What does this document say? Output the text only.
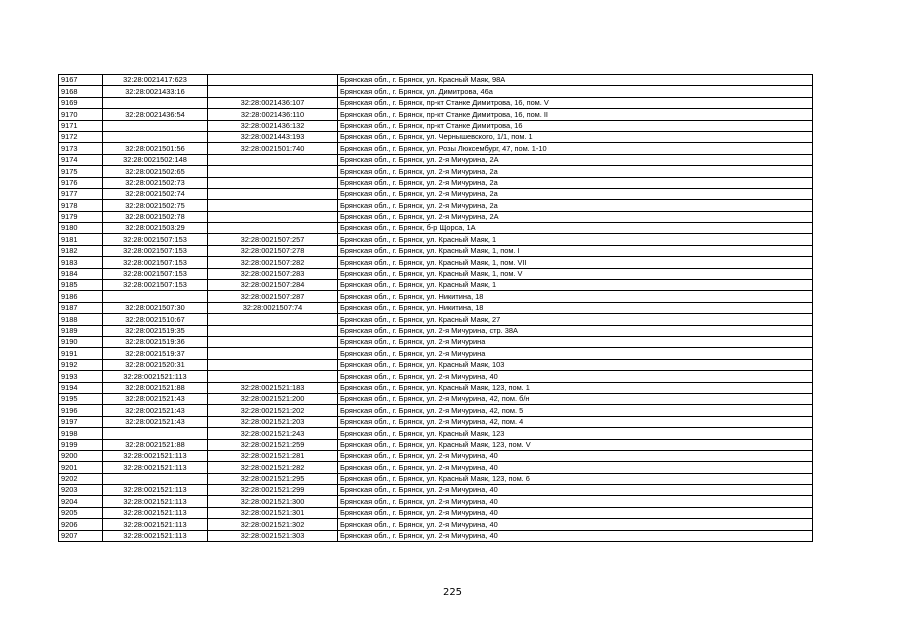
9167	32:28:0021417:623		Брянская обл., г. Брянск, ул. Красный Маяк, 98А
9168	32:28:0021433:16		Брянская обл., г. Брянск, ул. Димитрова, 46а
9169		32:28:0021436:107	Брянская обл., г. Брянск, пр-кт Станке Димитрова, 16, пом. V
9170	32:28:0021436:54	32:28:0021436:110	Брянская обл., г. Брянск, пр-кт Станке Димитрова, 16, пом. II
9171		32:28:0021436:132	Брянская обл., г. Брянск, пр-кт Станке Димитрова, 16
9172		32:28:0021443:193	Брянская обл., г. Брянск, ул. Чернышевского, 1/1, пом. 1
9173	32:28:0021501:56	32:28:0021501:740	Брянская обл., г. Брянск, ул. Розы Люксембург, 47, пом. 1-10
9174	32:28:0021502:148		Брянская обл., г. Брянск, ул. 2-я Мичурина, 2А
9175	32:28:0021502:65		Брянская обл., г. Брянск, ул. 2-я Мичурина, 2а
9176	32:28:0021502:73		Брянская обл., г. Брянск, ул. 2-я Мичурина, 2а
9177	32:28:0021502:74		Брянская обл., г. Брянск, ул. 2-я Мичурина, 2а
9178	32:28:0021502:75		Брянская обл., г. Брянск, ул. 2-я Мичурина, 2а
9179	32:28:0021502:78		Брянская обл., г. Брянск, ул. 2-я Мичурина, 2А
9180	32:28:0021503:29		Брянская обл., г. Брянск, б-р Щорса, 1А
9181	32:28:0021507:153	32:28:0021507:257	Брянская обл., г. Брянск, ул. Красный Маяк, 1
9182	32:28:0021507:153	32:28:0021507:278	Брянская обл., г. Брянск, ул. Красный Маяк, 1, пом. I
9183	32:28:0021507:153	32:28:0021507:282	Брянская обл., г. Брянск, ул. Красный Маяк, 1, пом. VII
9184	32:28:0021507:153	32:28:0021507:283	Брянская обл., г. Брянск, ул. Красный Маяк, 1, пом. V
9185	32:28:0021507:153	32:28:0021507:284	Брянская обл., г. Брянск, ул. Красный Маяк, 1
9186		32:28:0021507:287	Брянская обл., г. Брянск, ул. Никитина, 18
9187	32:28:0021507:30	32:28:0021507:74	Брянская обл., г. Брянск, ул. Никитина, 18
9188	32:28:0021510:67		Брянская обл., г. Брянск, ул. Красный Маяк, 27
9189	32:28:0021519:35		Брянская обл., г. Брянск, ул. 2-я Мичурина, стр. 38А
9190	32:28:0021519:36		Брянская обл., г. Брянск, ул. 2-я Мичурина
9191	32:28:0021519:37		Брянская обл., г. Брянск, ул. 2-я Мичурина
9192	32:28:0021520:31		Брянская обл., г. Брянск, ул. Красный Маяк, 103
9193	32:28:0021521:113		Брянская обл., г. Брянск, ул. 2-я Мичурина, 40
9194	32:28:0021521:88	32:28:0021521:183	Брянская обл., г. Брянск, ул. Красный Маяк, 123, пом. 1
9195	32:28:0021521:43	32:28:0021521:200	Брянская обл., г. Брянск, ул. 2-я Мичурина, 42, пом. б/н
9196	32:28:0021521:43	32:28:0021521:202	Брянская обл., г. Брянск, ул. 2-я Мичурина, 42, пом. 5
9197	32:28:0021521:43	32:28:0021521:203	Брянская обл., г. Брянск, ул. 2-я Мичурина, 42, пом. 4
9198		32:28:0021521:243	Брянская обл., г. Брянск, ул. Красный Маяк, 123
9199	32:28:0021521:88	32:28:0021521:259	Брянская обл., г. Брянск, ул. Красный Маяк, 123, пом. V
9200	32:28:0021521:113	32:28:0021521:281	Брянская обл., г. Брянск, ул. 2-я Мичурина, 40
9201	32:28:0021521:113	32:28:0021521:282	Брянская обл., г. Брянск, ул. 2-я Мичурина, 40
9202		32:28:0021521:295	Брянская обл., г. Брянск, ул. Красный Маяк, 123, пом. 6
9203	32:28:0021521:113	32:28:0021521:299	Брянская обл., г. Брянск, ул. 2-я Мичурина, 40
9204	32:28:0021521:113	32:28:0021521:300	Брянская обл., г. Брянск, ул. 2-я Мичурина, 40
9205	32:28:0021521:113	32:28:0021521:301	Брянская обл., г. Брянск, ул. 2-я Мичурина, 40
9206	32:28:0021521:113	32:28:0021521:302	Брянская обл., г. Брянск, ул. 2-я Мичурина, 40
9207	32:28:0021521:113	32:28:0021521:303	Брянская обл., г. Брянск, ул. 2-я Мичурина, 40
225
